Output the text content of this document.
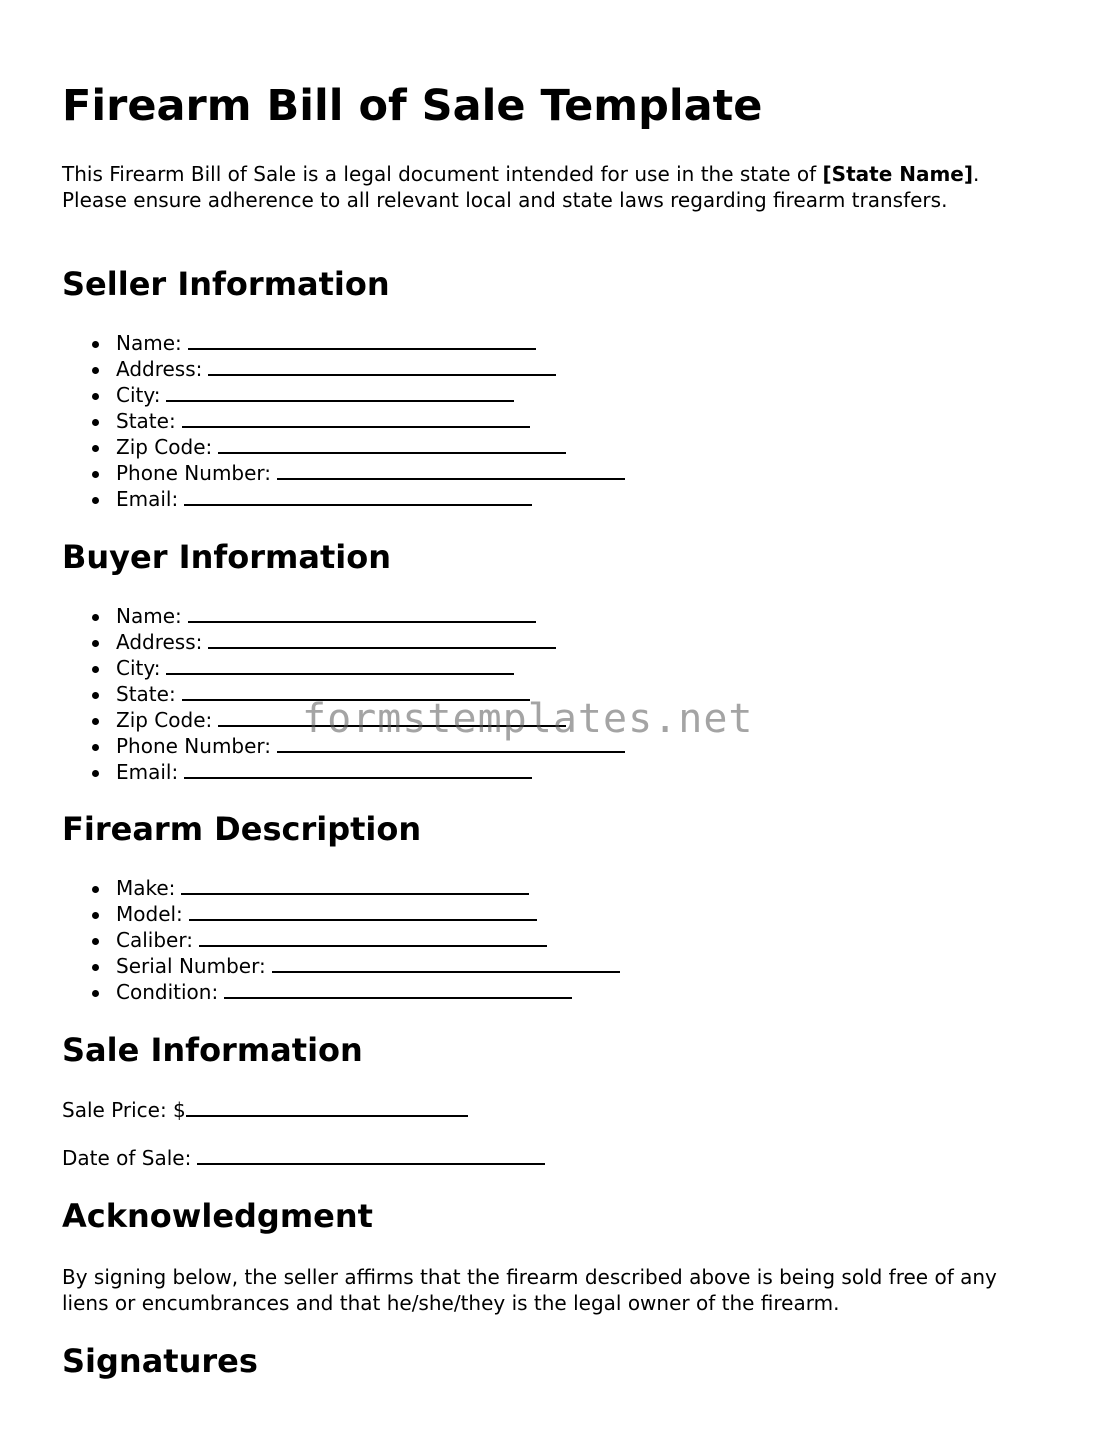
Firearm Bill of Sale Template

This Firearm Bill of Sale is a legal document intended for use in the state of [State Name]. Please ensure adherence to all relevant local and state laws regarding firearm transfers.

Seller Information
Name:
Address:
City:
State:
Zip Code:
Phone Number:
Email:
Buyer Information
Name:
Address:
City:
State:
Zip Code:
Phone Number:
Email:
Firearm Description
Make:
Model:
Caliber:
Serial Number:
Condition:
Sale Information

Sale Price: $

Date of Sale:

Acknowledgment

By signing below, the seller affirms that the firearm described above is being sold free of any liens or encumbrances and that he/she/they is the legal owner of the firearm.

Signatures
formstemplates.net
